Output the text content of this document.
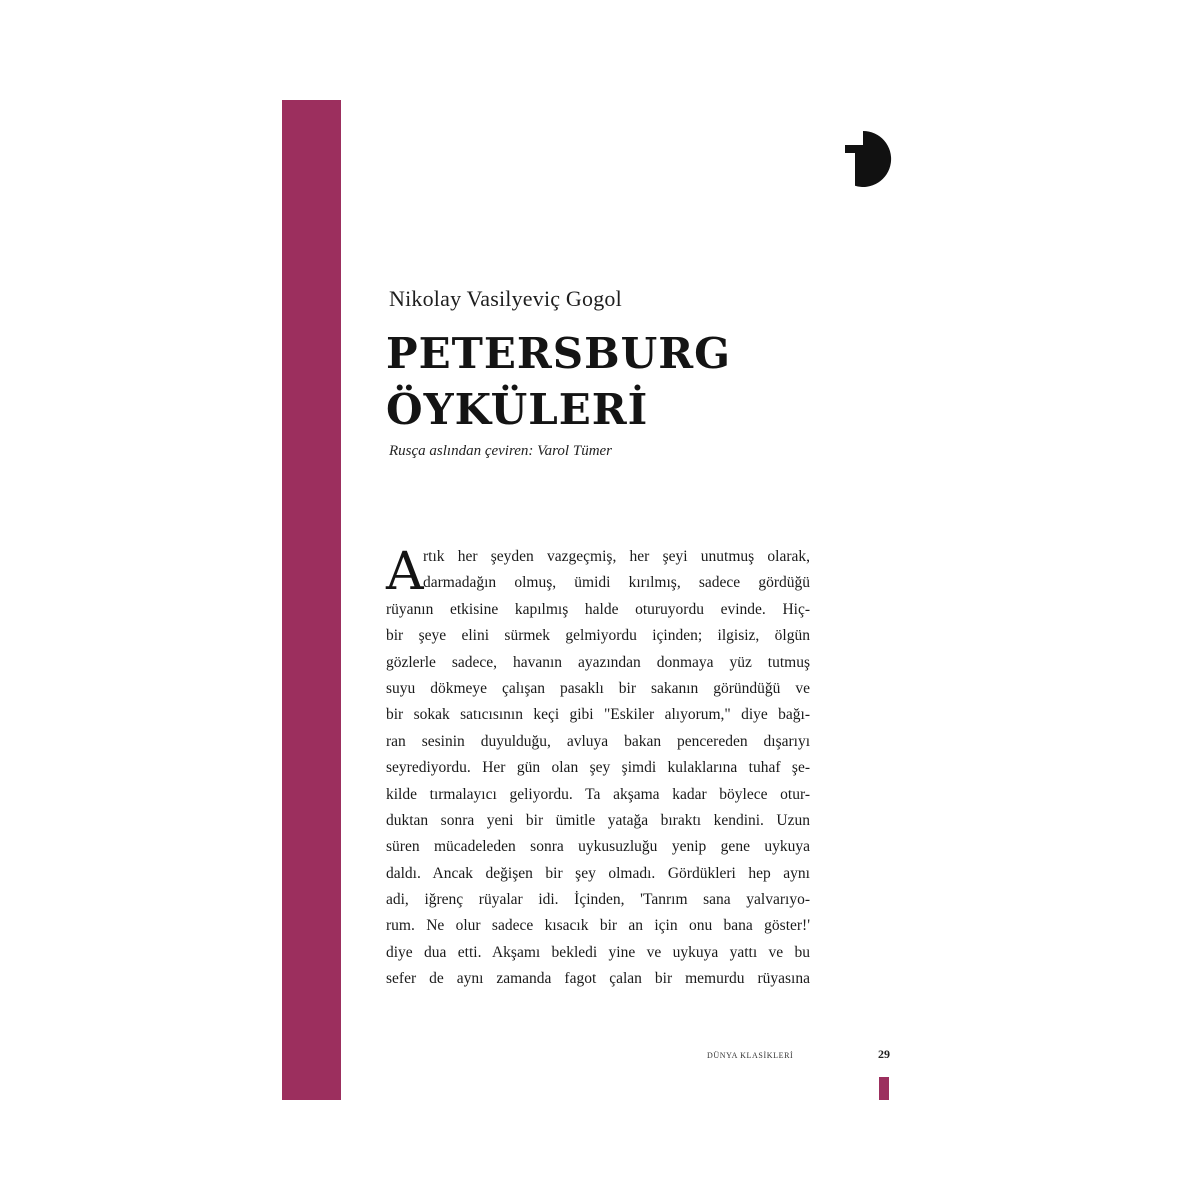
Nikolay Vasilyeviç Gogol
PETERSBURG
ÖYKÜLERİ
Rusça aslından çeviren: Varol Tümer
A rtık her şeyden vazgeçmiş, her şeyi unutmuş olarak,
darmadağın olmuş, ümidi kırılmış, sadece gördüğü
rüyanın etkisine kapılmış halde oturuyordu evinde. Hiç-
bir şeye elini sürmek gelmiyordu içinden; ilgisiz, ölgün
gözlerle sadece, havanın ayazından donmaya yüz tutmuş
suyu dökmeye çalışan pasaklı bir sakanın göründüğü ve
bir sokak satıcısının keçi gibi "Eskiler alıyorum," diye bağı-
ran sesinin duyulduğu, avluya bakan pencereden dışarıyı
seyrediyordu. Her gün olan şey şimdi kulaklarına tuhaf şe-
kilde tırmalayıcı geliyordu. Ta akşama kadar böylece otur-
duktan sonra yeni bir ümitle yatağa bıraktı kendini. Uzun
süren mücadeleden sonra uykusuzluğu yenip gene uykuya
daldı. Ancak değişen bir şey olmadı. Gördükleri hep aynı
adi, iğrenç rüyalar idi. İçinden, 'Tanrım sana yalvarıyo-
rum. Ne olur sadece kısacık bir an için onu bana göster!'
diye dua etti. Akşamı bekledi yine ve uykuya yattı ve bu
sefer de aynı zamanda fagot çalan bir memurdu rüyasına
DÜNYA KLASİKLERİ	29
